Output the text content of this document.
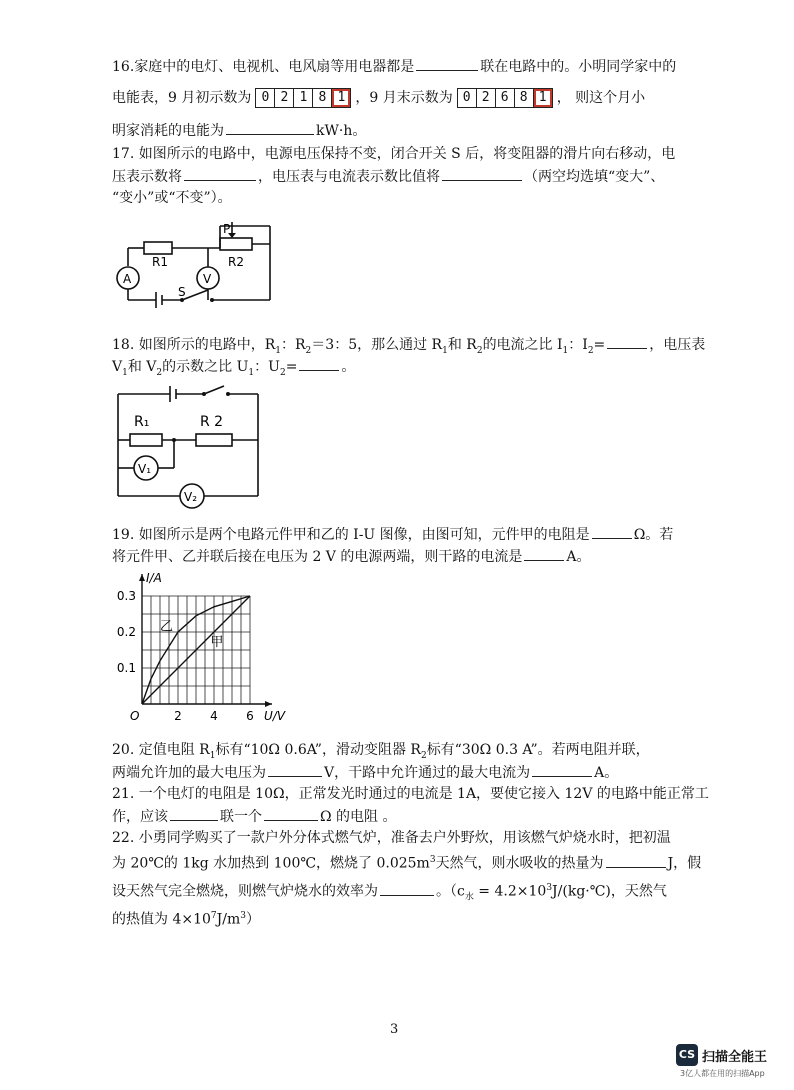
16.家庭中的电灯、电视机、电风扇等用电器都是	联在电路中的。小明同学家中的
电能表，9 月初示数为 0 2 1 8 1 ，9 月末示数为 0 2 6 8 1 ， 则这个月小
明家消耗的电能为	kW·h。
17. 如图所示的电路中，电源电压保持不变，闭合开关 S 后，将变阻器的滑片向右移动，电
压表示数将	，电压表与电流表示数比值将	（两空均选填“变大”、
“变小”或“不变”）。
R1	R2
P
S
A	V
18. 如图所示的电路中，$R_1$：$R_2=3$：5，那么通过 $R_1$和 $R_2$的电流之比 $I_1$：$I_2=$	，电压表
$V_1$和 $V_2$的示数之比 $U_1$：$U_2=$	。
R₁	R 2
V₁
V₂
19. 如图所示是两个电路元件甲和乙的 I-U 图像，由图可知，元件甲的电阻是	Ω。若
将元件甲、乙并联后接在电压为 2 V 的电源两端，则干路的电流是	A。
甲
乙
2 4 6
0.1
0.2
0.3
O
I/A
U/V
20. 定值电阻 $R_1$标有“10Ω 0.6A”，滑动变阻器 $R_2$标有“30Ω 0.3 A”。若两电阻并联，
两端允许加的最大电压为	V，干路中允许通过的最大电流为	A。
21. 一个电灯的电阻是 10Ω，正常发光时通过的电流是 1A，要使它接入 12V 的电路中能正常工
作，应该	联一个	Ω 的电阻 。
22. 小勇同学购买了一款户外分体式燃气炉，准备去户外野炊，用该燃气炉烧水时，把初温
为 20℃的 1kg 水加热到 100℃，燃烧了 $0.025m^3$天然气，则水吸收的热量为	J，假
设天然气完全燃烧，则燃气炉烧水的效率为	。（$c_水$ = $4.2\times 10^3J/(kg\cdot℃)$，天然气
的热值为 $4\times 10^7J/m^3$）
3
CS 扫描全能王
3亿人都在用的扫描App
